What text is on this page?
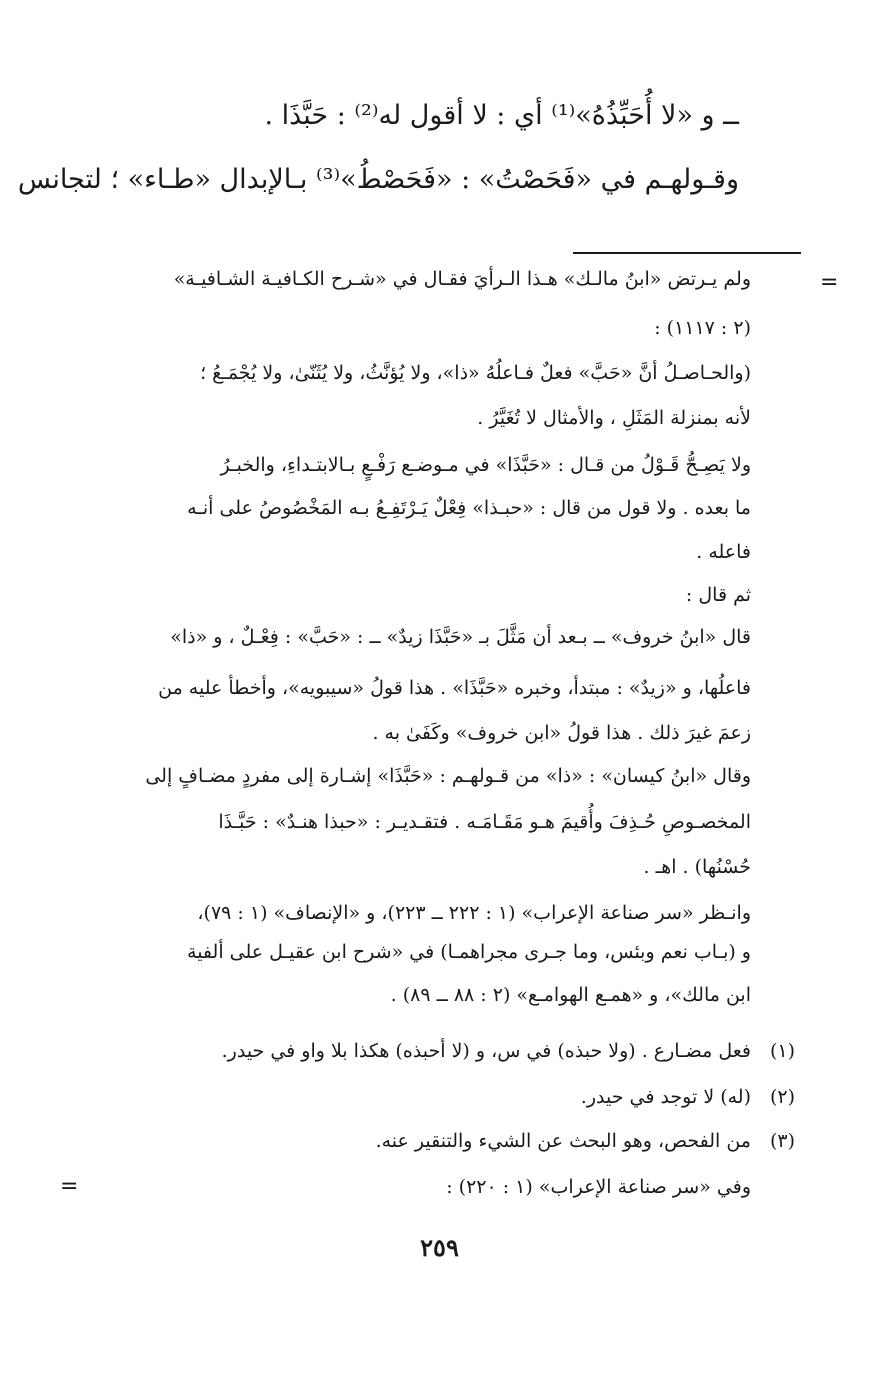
ــ و «لا أُحَبِّذُهُ»⁽¹⁾ أي : لا أقول له⁽²⁾ : حَبَّذَا .
وقـولهـم في «فَحَصْتُ» : «فَحَصْطُ»⁽³⁾ بـالإبدال «طـاء» ؛ لتجانس
=
ولم يـرتض «ابنُ مالـك» هـذا الـرأيَ فقـال في «شـرح الكـافيـة الشـافيـة»
(٢ : ١١١٧) :
(والحـاصـلُ أنَّ «حَبَّ» فعلٌ فـاعلُهُ «ذا»، ولا يُؤنَّثُ، ولا يُثَنّىٰ، ولا يُجْمَـعُ ؛
لأنه بمنزلة المَثَلِ ، والأمثال لا تُغَيَّرُ .
ولا يَصِـحُّ قَـوْلُ من قـال : «حَبَّذَا» في مـوضـع رَفْـعٍ بـالابتـداءِ، والخبـرُ
ما بعده . ولا قول من قال : «حبـذا» فِعْلٌ يَـرْتَفِـعُ بـه المَخْصُوصُ على أنـه
فاعله .
ثم قال :
قال «ابنُ خروف» ــ بـعد أن مَثَّلَ بـ «حَبَّذَا زيدٌ» ــ : «حَبَّ» : فِعْـلٌ ، و «ذا»
فاعلُها، و «زيدٌ» : مبتدأ، وخبره «حَبَّذَا» . هذا قولُ «سيبويه»، وأخطأ عليه من
زعمَ غيرَ ذلك . هذا قولُ «ابن خروف» وكَفَىٰ به .
وقال «ابنُ كيسان» : «ذا» من قـولهـم : «حَبَّذَا» إشـارة إلى مفردٍ مضـافٍ إلى
المخصـوصِ حُـذِفَ وأُقيمَ هـو مَقَـامَـه . فتقـديـر : «حبذا هنـدٌ» : حَبَّـذَا
حُسْنُها) . اهـ .
وانـظر «سر صناعة الإعراب» (١ : ٢٢٢ ــ ٢٢٣)، و «الإنصاف» (١ : ٧٩)،
و (بـاب نعم وبئس، وما جـرى مجراهمـا) في «شرح ابن عقيـل على ألفية
ابن مالك»، و «همـع الهوامـع» (٢ : ٨٨ ــ ٨٩) .
(١)
فعل مضـارع . (ولا حبذه) في س، و (لا أحبذه) هكذا بلا واو في حيدر.
(٢)
(له) لا توجد في حيدر.
(٣)
من الفحص، وهو البحث عن الشيء والتنقير عنه.
وفي «سر صناعة الإعراب» (١ : ٢٢٠) :
=
٢٥٩
